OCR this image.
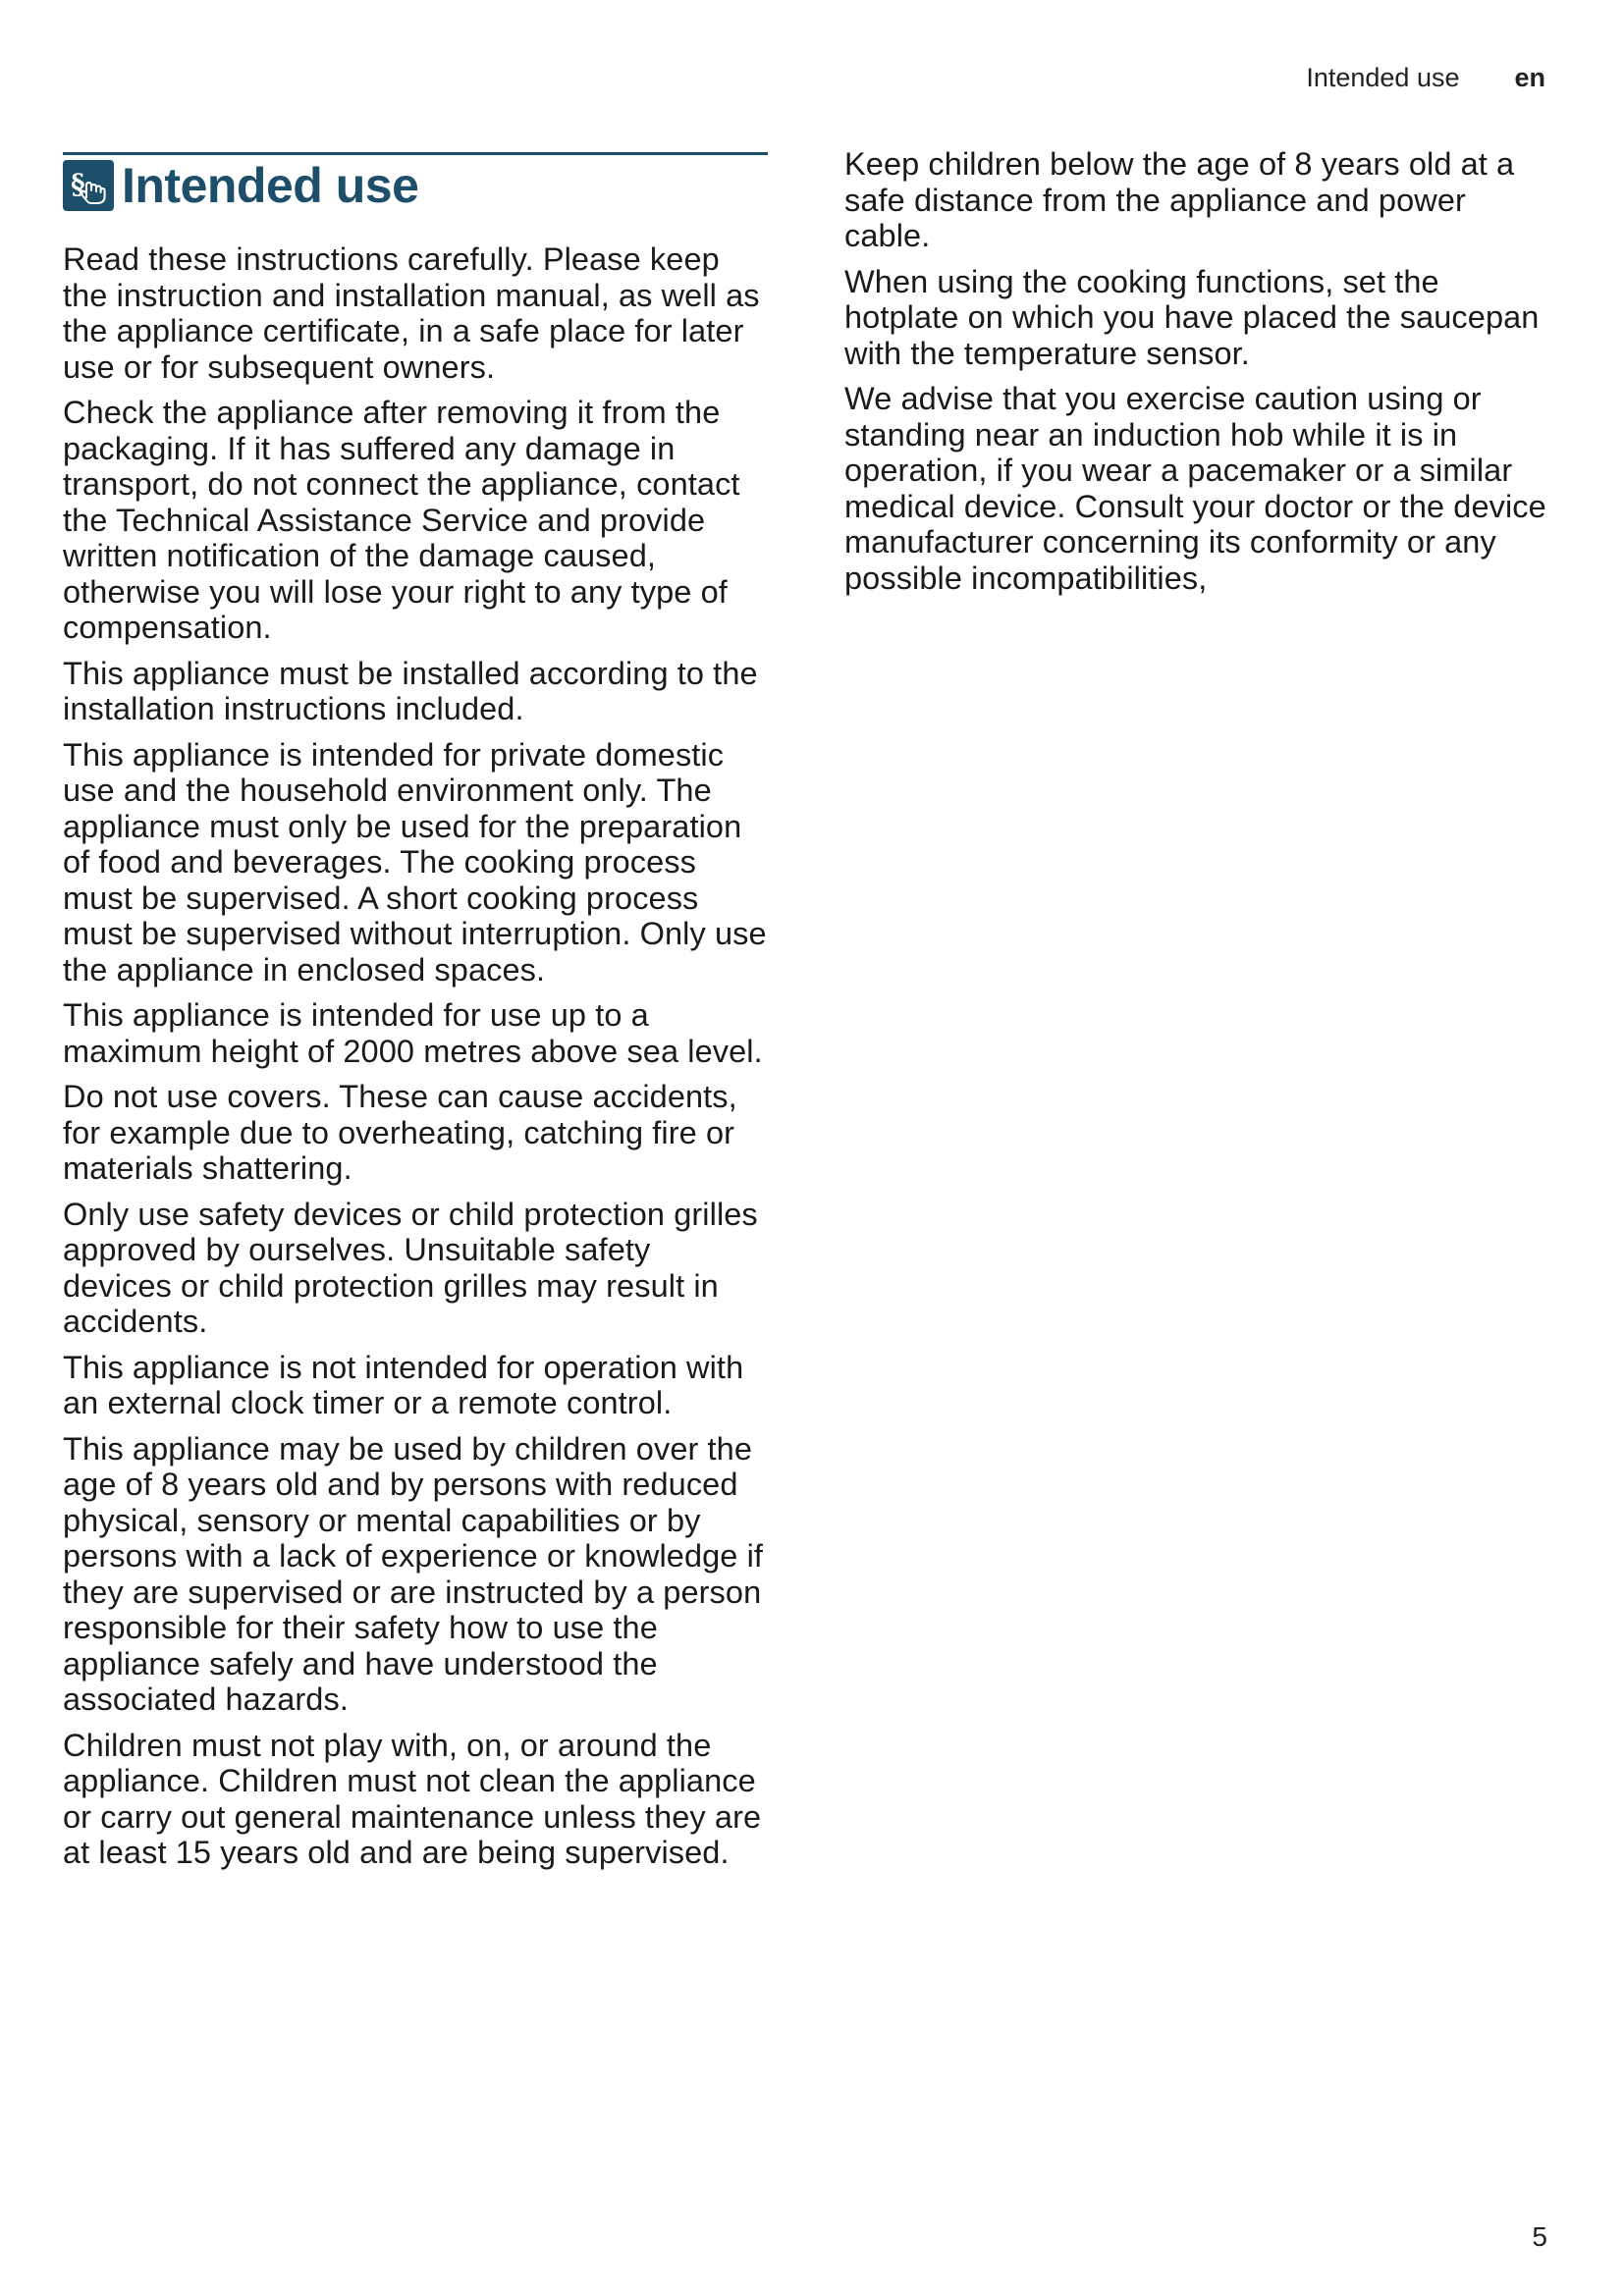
Intended use en
§ Intended use

Read these instructions carefully. Please keep the instruction and installation manual, as well as the appliance certificate, in a safe place for later use or for subsequent owners.

Check the appliance after removing it from the packaging. If it has suffered any damage in transport, do not connect the appliance, contact the Technical Assistance Service and provide written notification of the damage caused, otherwise you will lose your right to any type of compensation.

This appliance must be installed according to the installation instructions included.

This appliance is intended for private domestic use and the household environment only. The appliance must only be used for the preparation of food and beverages. The cooking process must be supervised. A short cooking process must be supervised without interruption. Only use the appliance in enclosed spaces.

This appliance is intended for use up to a maximum height of 2000 metres above sea level.

Do not use covers. These can cause accidents, for example due to overheating, catching fire or materials shattering.

Only use safety devices or child protection grilles approved by ourselves. Unsuitable safety devices or child protection grilles may result in accidents.

This appliance is not intended for operation with an external clock timer or a remote control.

This appliance may be used by children over the age of 8 years old and by persons with reduced physical, sensory or mental capabilities or by persons with a lack of experience or knowledge if they are supervised or are instructed by a person responsible for their safety how to use the appliance safely and have understood the associated hazards.

Children must not play with, on, or around the appliance. Children must not clean the appliance or carry out general maintenance unless they are at least 15 years old and are being supervised.

Keep children below the age of 8 years old at a safe distance from the appliance and power cable.

When using the cooking functions, set the hotplate on which you have placed the saucepan with the temperature sensor.

We advise that you exercise caution using or standing near an induction hob while it is in operation, if you wear a pacemaker or a similar medical device. Consult your doctor or the device manufacturer concerning its conformity or any possible incompatibilities,

5
